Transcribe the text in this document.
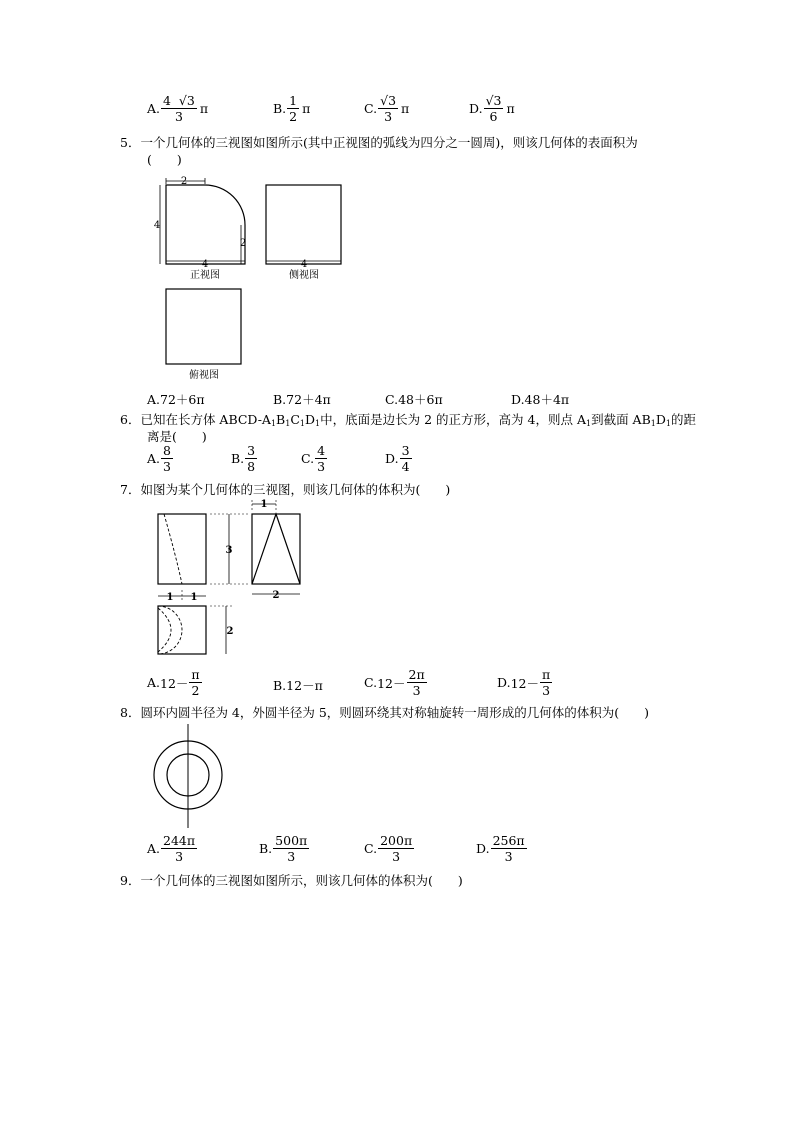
A. $\frac{4 √3}{3}$ π	B. $\frac{1}{2}$ π	C. $\frac{√3}{3}$ π	D. $\frac{√3}{6}$ π
5．一个几何体的三视图如图所示(其中正视图的弧线为四分之一圆周)，则该几何体的表面积为
(　　)
2
4
2
4
正视图
4
侧视图
俯视图
A.72＋6π	B.72＋4π	C.48＋6π	D.48＋4π
6．已知在长方体 ABCD-$A_1B_1C_1D_1$中，底面是边长为 2 的正方形，高为 4，则点 $A_1$到截面 $AB_1D_1$的距
离是(　　)
A. $\frac{8}{3}$	B. $\frac{3}{8}$	C. $\frac{4}{3}$	D. $\frac{3}{4}$
7．如图为某个几何体的三视图，则该几何体的体积为(　　)
1
3
2
1 1
2
A. $12- \frac{\pi}{2}$	B. 12－π	C. $12- \frac{2\pi}{3}$	D. $12- \frac{\pi}{3}$
8．圆环内圆半径为 4，外圆半径为 5，则圆环绕其对称轴旋转一周形成的几何体的体积为(　　)
A. $\frac{244\pi}{3}$	B. $\frac{500\pi}{3}$	C. $\frac{200\pi}{3}$	D. $\frac{256\pi}{3}$
9．一个几何体的三视图如图所示，则该几何体的体积为(　　)
